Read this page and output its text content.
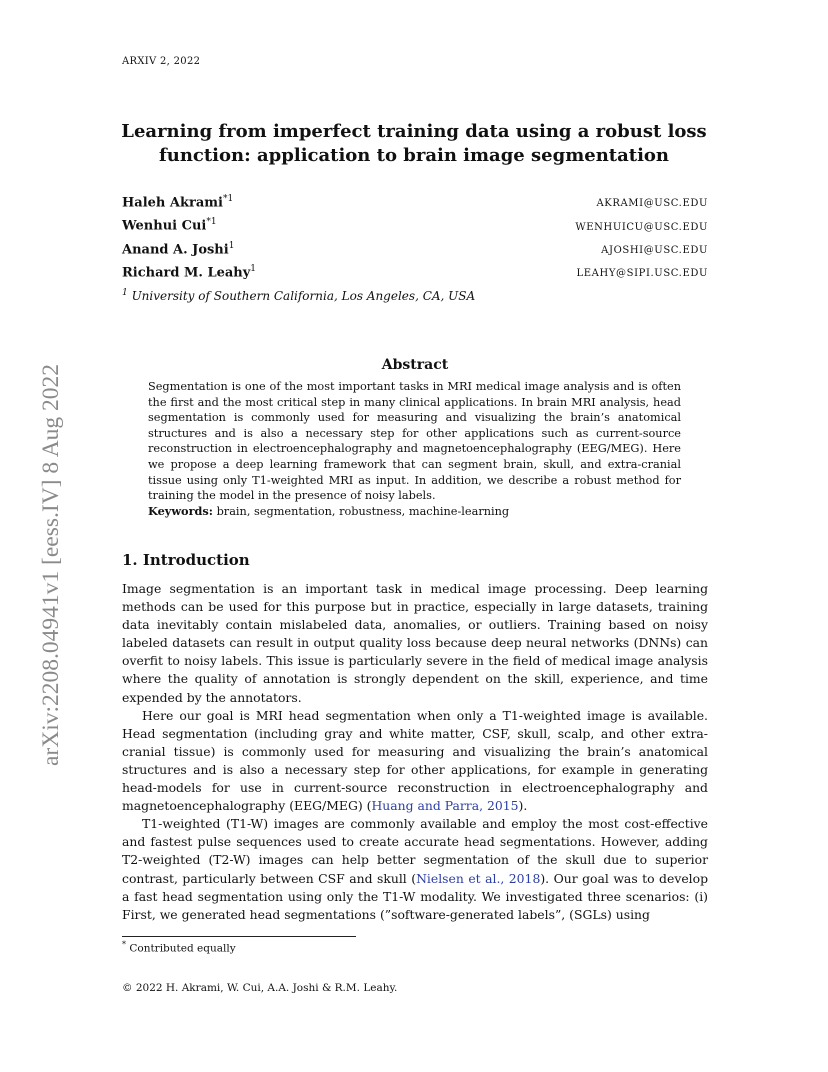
ARXIV 2, 2022
arXiv:2208.04941v1 [eess.IV] 8 Aug 2022
Learning from imperfect training data using a robust loss function: application to brain image segmentation
Haleh Akrami$^{*1}$	AKRAMI@USC.EDU
Wenhui Cui$^{*1}$	WENHUICU@USC.EDU
Anand A. Joshi$^1$	AJOSHI@USC.EDU
Richard M. Leahy$^1$	LEAHY@SIPI.USC.EDU
$^1$ University of Southern California, Los Angeles, CA, USA
Abstract
Segmentation is one of the most important tasks in MRI medical image analysis and is often the first and the most critical step in many clinical applications. In brain MRI analysis, head segmentation is commonly used for measuring and visualizing the brain’s anatomical structures and is also a necessary step for other applications such as current-source reconstruction in electroencephalography and magnetoencephalography (EEG/MEG). Here we propose a deep learning framework that can segment brain, skull, and extra-cranial tissue using only T1-weighted MRI as input. In addition, we describe a robust method for training the model in the presence of noisy labels.
Keywords: brain, segmentation, robustness, machine-learning
1. Introduction

Image segmentation is an important task in medical image processing. Deep learning methods can be used for this purpose but in practice, especially in large datasets, training data inevitably contain mislabeled data, anomalies, or outliers. Training based on noisy labeled datasets can result in output quality loss because deep neural networks (DNNs) can overfit to noisy labels. This issue is particularly severe in the field of medical image analysis where the quality of annotation is strongly dependent on the skill, experience, and time expended by the annotators.

Here our goal is MRI head segmentation when only a T1-weighted image is available. Head segmentation (including gray and white matter, CSF, skull, scalp, and other extra-cranial tissue) is commonly used for measuring and visualizing the brain’s anatomical structures and is also a necessary step for other applications, for example in generating head-models for use in current-source reconstruction in electroencephalography and magnetoencephalography (EEG/MEG) (Huang and Parra, 2015).

T1-weighted (T1-W) images are commonly available and employ the most cost-effective and fastest pulse sequences used to create accurate head segmentations. However, adding T2-weighted (T2-W) images can help better segmentation of the skull due to superior contrast, particularly between CSF and skull (Nielsen et al., 2018). Our goal was to develop a fast head segmentation using only the T1-W modality. We investigated three scenarios: (i) First, we generated head segmentations (”software-generated labels”, (SGLs) using

* Contributed equally
© 2022 H. Akrami, W. Cui, A.A. Joshi & R.M. Leahy.
